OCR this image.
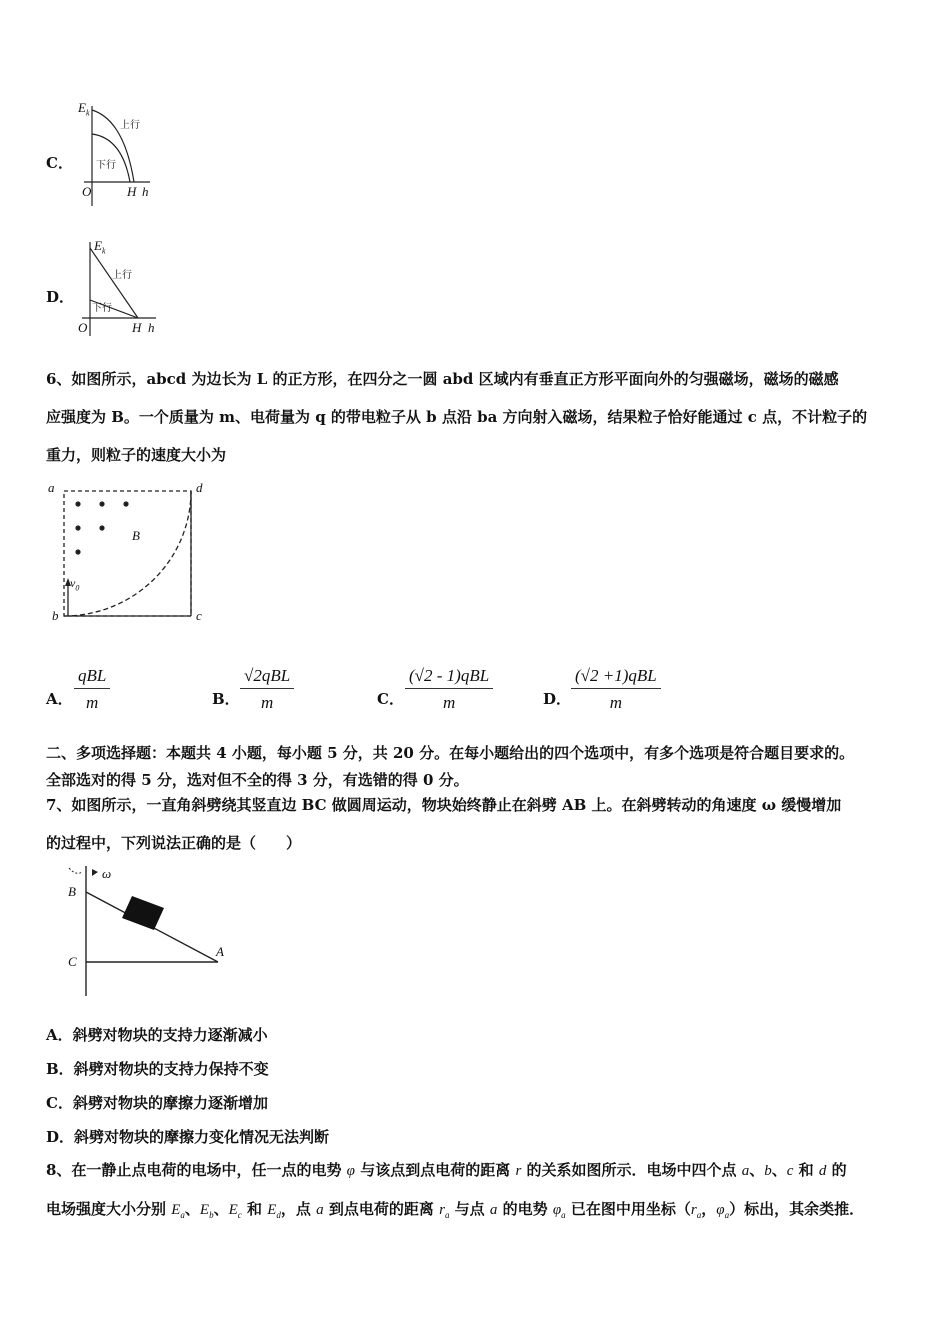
C．
$E_k$
上行
下行
O	H h
D．
$E_k$
上行
下行
O	H h
6、如图所示，abcd 为边长为 L 的正方形，在四分之一圆 abd 区域内有垂直正方形平面向外的匀强磁场，磁场的磁感
应强度为 B。一个质量为 m、电荷量为 q 的带电粒子从 b 点沿 ba 方向射入磁场，结果粒子恰好能通过 c 点，不计粒子的
重力，则粒子的速度大小为
a	d
b	c
B
$v_0$
A．
qBL
m	B．
√2qBL
m	C．
(√2 - 1)qBL
m	D．
(√2 +1)qBL
m
二、多项选择题：本题共 4 小题，每小题 5 分，共 20 分。在每小题给出的四个选项中，有多个选项是符合题目要求的。
全部选对的得 5 分，选对但不全的得 3 分，有选错的得 0 分。
7、如图所示，一直角斜劈绕其竖直边 BC 做圆周运动，物块始终静止在斜劈 AB 上。在斜劈转动的角速度 ω 缓慢增加
的过程中，下列说法正确的是（　　）
B
C
A
ω
A．斜劈对物块的支持力逐渐减小
B．斜劈对物块的支持力保持不变
C．斜劈对物块的摩擦力逐渐增加
D．斜劈对物块的摩擦力变化情况无法判断
8、在一静止点电荷的电场中，任一点的电势 φ 与该点到点电荷的距离 r 的关系如图所示．电场中四个点 a、b、c 和 d 的
电场强度大小分别 $E_a$、$E_b$、$E_c$ 和 $E_d$，点 a 到点电荷的距离 $r_a$ 与点 a 的电势 $\varphi_a$ 已在图中用坐标（$r_a$，$\varphi_a$）标出，其余类推．
